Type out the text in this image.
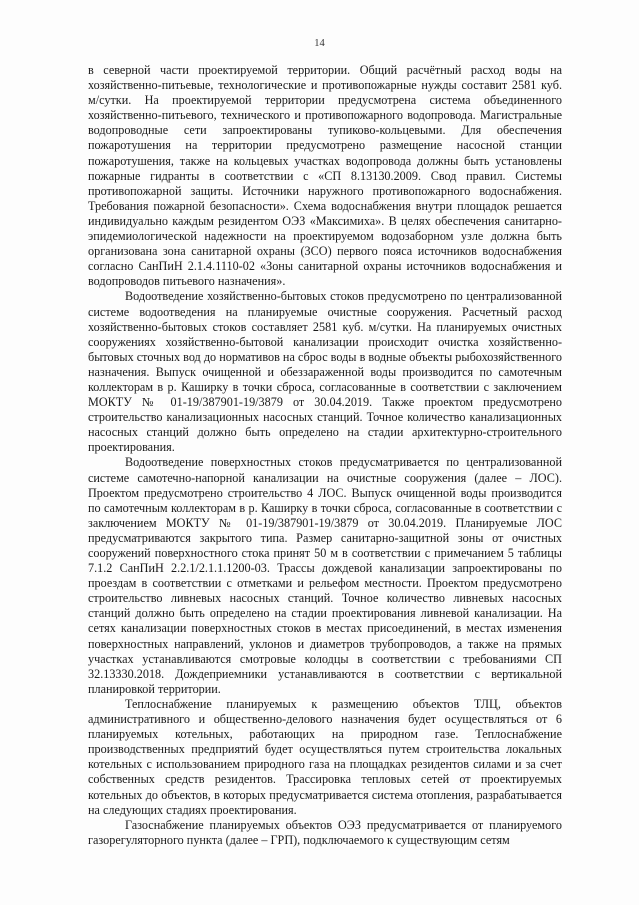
14

в северной части проектируемой территории. Общий расчётный расход воды на хозяйственно-питьевые, технологические и противопожарные нужды составит 2581 куб. м/сутки. На проектируемой территории предусмотрена система объединенного хозяйственно-питьевого, технического и противопожарного водопровода. Магистральные водопроводные сети запроектированы тупиково-кольцевыми. Для обеспечения пожаротушения на территории предусмотрено размещение насосной станции пожаротушения, также на кольцевых участках водопровода должны быть установлены пожарные гидранты в соответствии с «СП 8.13130.2009. Свод правил. Системы противопожарной защиты. Источники наружного противопожарного водоснабжения. Требования пожарной безопасности». Схема водоснабжения внутри площадок решается индивидуально каждым резидентом ОЭЗ «Максимиха». В целях обеспечения санитарно-эпидемиологической надежности на проектируемом водозаборном узле должна быть организована зона санитарной охраны (ЗСО) первого пояса источников водоснабжения согласно СанПиН 2.1.4.1110-02 «Зоны санитарной охраны источников водоснабжения и водопроводов питьевого назначения».

Водоотведение хозяйственно-бытовых стоков предусмотрено по централизованной системе водоотведения на планируемые очистные сооружения. Расчетный расход хозяйственно-бытовых стоков составляет 2581 куб. м/сутки. На планируемых очистных сооружениях хозяйственно-бытовой канализации происходит очистка хозяйственно-бытовых сточных вод до нормативов на сброс воды в водные объекты рыбохозяйственного назначения. Выпуск очищенной и обеззараженной воды производится по самотечным коллекторам в р. Каширку в точки сброса, согласованные в соответствии с заключением МОКТУ № 01-19/387901-19/3879 от 30.04.2019. Также проектом предусмотрено строительство канализационных насосных станций. Точное количество канализационных насосных станций должно быть определено на стадии архитектурно-строительного проектирования.

Водоотведение поверхностных стоков предусматривается по централизованной системе самотечно-напорной канализации на очистные сооружения (далее – ЛОС). Проектом предусмотрено строительство 4 ЛОС. Выпуск очищенной воды производится по самотечным коллекторам в р. Каширку в точки сброса, согласованные в соответствии с заключением МОКТУ № 01-19/387901-19/3879 от 30.04.2019. Планируемые ЛОС предусматриваются закрытого типа. Размер санитарно-защитной зоны от очистных сооружений поверхностного стока принят 50 м в соответствии с примечанием 5 таблицы 7.1.2 СанПиН 2.2.1/2.1.1.1200-03. Трассы дождевой канализации запроектированы по проездам в соответствии с отметками и рельефом местности. Проектом предусмотрено строительство ливневых насосных станций. Точное количество ливневых насосных станций должно быть определено на стадии проектирования ливневой канализации. На сетях канализации поверхностных стоков в местах присоединений, в местах изменения поверхностных направлений, уклонов и диаметров трубопроводов, а также на прямых участках устанавливаются смотровые колодцы в соответствии с требованиями СП 32.13330.2018. Дождеприемники устанавливаются в соответствии с вертикальной планировкой территории.

Теплоснабжение планируемых к размещению объектов ТЛЦ, объектов административного и общественно-делового назначения будет осуществляться от 6 планируемых котельных, работающих на природном газе. Теплоснабжение производственных предприятий будет осуществляться путем строительства локальных котельных с использованием природного газа на площадках резидентов силами и за счет собственных средств резидентов. Трассировка тепловых сетей от проектируемых котельных до объектов, в которых предусматривается система отопления, разрабатывается на следующих стадиях проектирования.

Газоснабжение планируемых объектов ОЭЗ предусматривается от планируемого газорегуляторного пункта (далее – ГРП), подключаемого к существующим сетям
